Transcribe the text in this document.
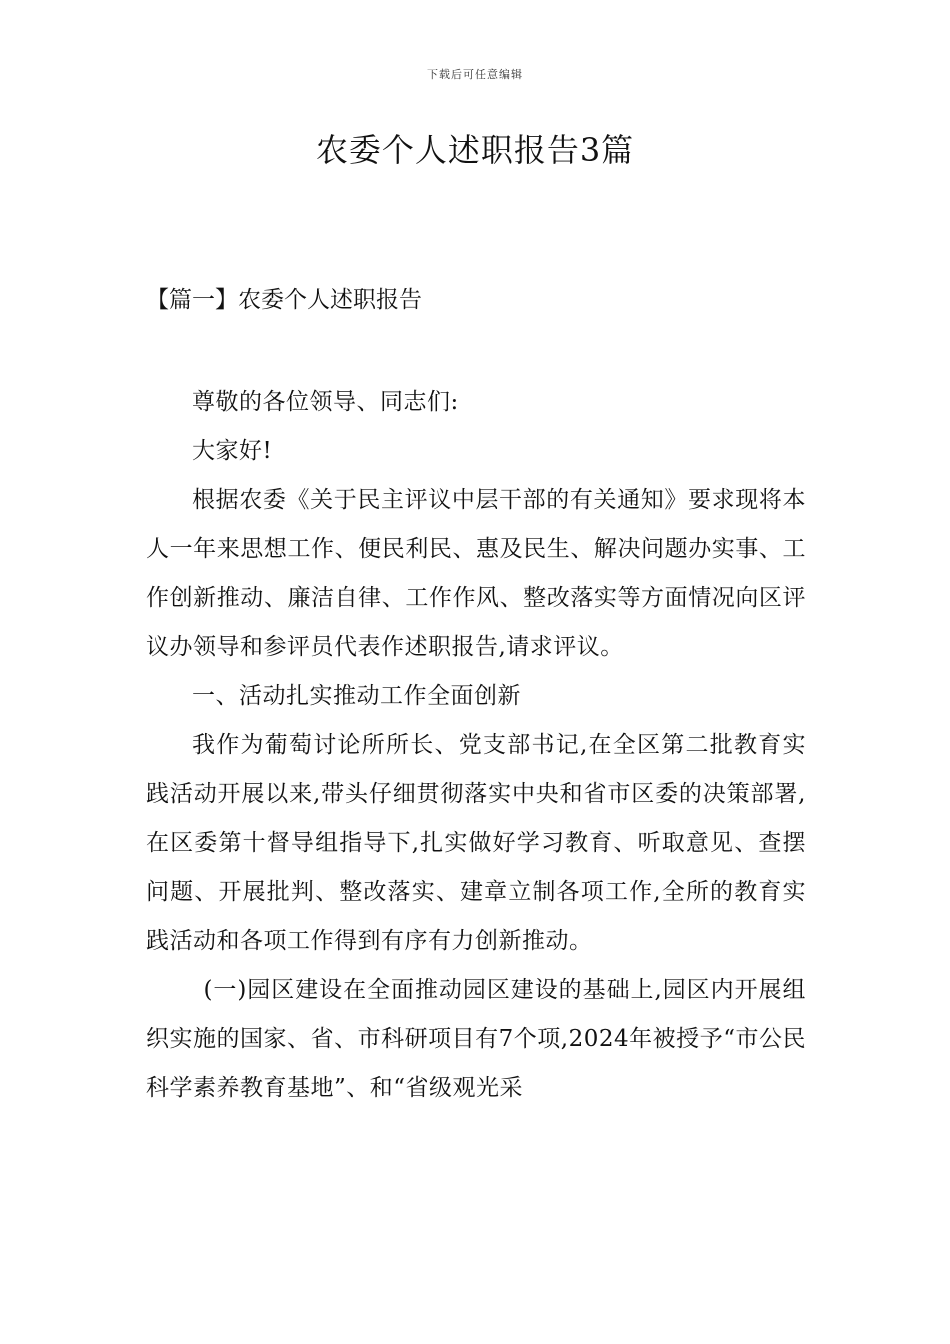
下载后可任意编辑
农委个人述职报告3篇
【篇一】农委个人述职报告

尊敬的各位领导、同志们:

大家好!

根据农委《关于民主评议中层干部的有关通知》要求现将本人一年来思想工作、便民利民、惠及民生、解决问题办实事、工作创新推动、廉洁自律、工作作风、整改落实等方面情况向区评议办领导和参评员代表作述职报告,请求评议。

一、活动扎实推动工作全面创新

我作为葡萄讨论所所长、党支部书记,在全区第二批教育实践活动开展以来,带头仔细贯彻落实中央和省市区委的决策部署,在区委第十督导组指导下,扎实做好学习教育、听取意见、查摆问题、开展批判、整改落实、建章立制各项工作,全所的教育实践活动和各项工作得到有序有力创新推动。

(一)园区建设在全面推动园区建设的基础上,园区内开展组织实施的国家、省、市科研项目有7个项,2024年被授予“市公民科学素养教育基地”、和“省级观光采
